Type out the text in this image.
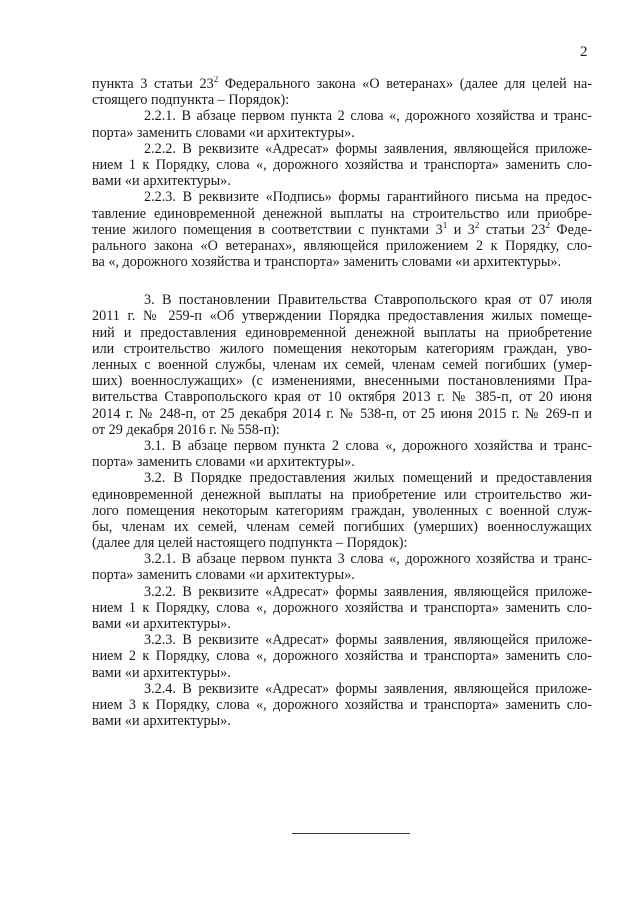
2
пункта 3 статьи $23^2$ Федерального закона «О ветеранах» (далее для целей на-
стоящего подпункта – Порядок):
2.2.1. В абзаце первом пункта 2 слова «, дорожного хозяйства и транс-
порта» заменить словами «и архитектуры».
2.2.2. В реквизите «Адресат» формы заявления, являющейся приложе-
нием 1 к Порядку, слова «, дорожного хозяйства и транспорта» заменить сло-
вами «и архитектуры».
2.2.3. В реквизите «Подпись» формы гарантийного письма на предос-
тавление единовременной денежной выплаты на строительство или приобре-
тение жилого помещения в соответствии с пунктами $3^1$ и $3^2$ статьи $23^2$ Феде-
рального закона «О ветеранах», являющейся приложением 2 к Порядку, сло-
ва «, дорожного хозяйства и транспорта» заменить словами «и архитектуры».
3. В постановлении Правительства Ставропольского края от 07 июля
2011 г. № 259-п «Об утверждении Порядка предоставления жилых помеще-
ний и предоставления единовременной денежной выплаты на приобретение
или строительство жилого помещения некоторым категориям граждан, уво-
ленных с военной службы, членам их семей, членам семей погибших (умер-
ших) военнослужащих» (с изменениями, внесенными постановлениями Пра-
вительства Ставропольского края от 10 октября 2013 г. № 385-п, от 20 июня
2014 г. № 248-п, от 25 декабря 2014 г. № 538-п, от 25 июня 2015 г. № 269-п и
от 29 декабря 2016 г. № 558-п):
3.1. В абзаце первом пункта 2 слова «, дорожного хозяйства и транс-
порта» заменить словами «и архитектуры».
3.2. В Порядке предоставления жилых помещений и предоставления
единовременной денежной выплаты на приобретение или строительство жи-
лого помещения некоторым категориям граждан, уволенных с военной служ-
бы, членам их семей, членам семей погибших (умерших) военнослужащих
(далее для целей настоящего подпункта – Порядок):
3.2.1. В абзаце первом пункта 3 слова «, дорожного хозяйства и транс-
порта» заменить словами «и архитектуры».
3.2.2. В реквизите «Адресат» формы заявления, являющейся приложе-
нием 1 к Порядку, слова «, дорожного хозяйства и транспорта» заменить сло-
вами «и архитектуры».
3.2.3. В реквизите «Адресат» формы заявления, являющейся приложе-
нием 2 к Порядку, слова «, дорожного хозяйства и транспорта» заменить сло-
вами «и архитектуры».
3.2.4. В реквизите «Адресат» формы заявления, являющейся приложе-
нием 3 к Порядку, слова «, дорожного хозяйства и транспорта» заменить сло-
вами «и архитектуры».
